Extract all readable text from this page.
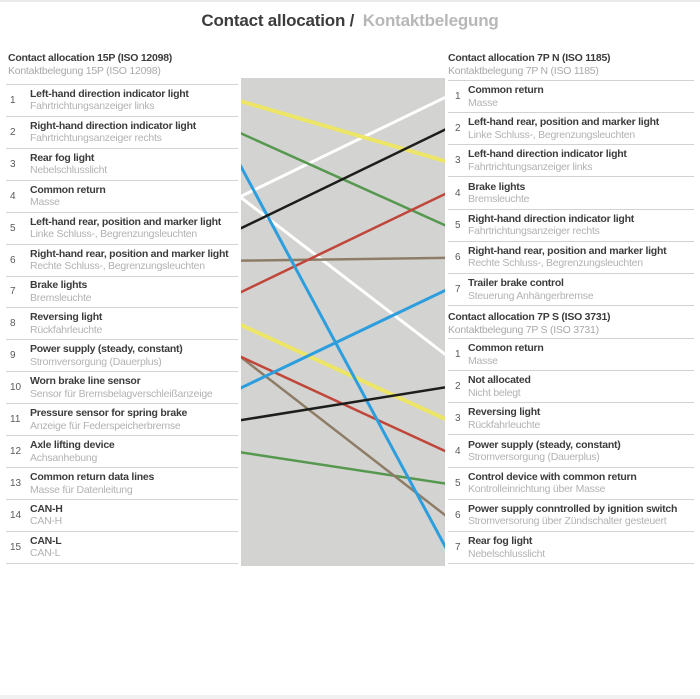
Contact allocation / Kontaktbelegung
Contact allocation 15P (ISO 12098)
Kontaktbelegung 15P (ISO 12098)
Contact allocation 7P N (ISO 1185)
Kontaktbelegung 7P N (ISO 1185)
Contact allocation 7P S (ISO 3731)
Kontaktbelegung 7P S (ISO 3731)
1
Left-hand direction indicator light
Fahrtrichtungsanzeiger links
2
Right-hand direction indicator light
Fahrtrichtungsanzeiger rechts
3
Rear fog light
Nebelschlusslicht
4
Common return
Masse
5
Left-hand rear, position and marker light
Linke Schluss-, Begrenzungsleuchten
6
Right-hand rear, position and marker light
Rechte Schluss-, Begrenzungsleuchten
7
Brake lights
Bremsleuchte
8
Reversing light
Rückfahrleuchte
9
Power supply (steady, constant)
Stromversorgung (Dauerplus)
10
Worn brake line sensor
Sensor für Bremsbelagverschleißanzeige
11
Pressure sensor for spring brake
Anzeige für Federspeicherbremse
12
Axle lifting device
Achsanhebung
13
Common return data lines
Masse für Datenleitung
14
CAN-H
CAN-H
15
CAN-L
CAN-L
1
Common return
Masse
2
Left-hand rear, position and marker light
Linke Schluss-, Begrenzungsleuchten
3
Left-hand direction indicator light
Fahrtrichtungsanzeiger links
4
Brake lights
Bremsleuchte
5
Right-hand direction indicator light
Fahrtrichtungsanzeiger rechts
6
Right-hand rear, position and marker light
Rechte Schluss-, Begrenzungsleuchten
7
Trailer brake control
Steuerung Anhängerbremse
1
Common return
Masse
2
Not allocated
Nicht belegt
3
Reversing light
Rückfahrleuchte
4
Power supply (steady, constant)
Stromversorgung (Dauerplus)
5
Control device with common return
Kontrolleinrichtung über Masse
6
Power supply conntrolled by ignition switch
Stromversorung über Zündschalter gesteuert
7
Rear fog light
Nebelschlusslicht
